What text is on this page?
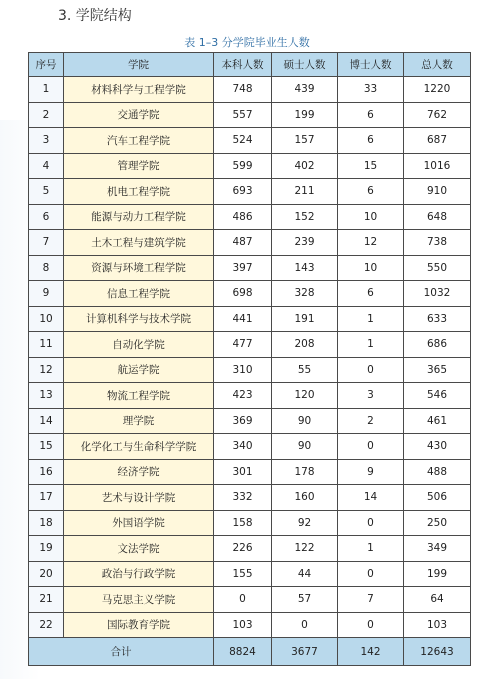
3. 学院结构
表 1–3 分学院毕业生人数
序号	学院	本科人数	硕士人数	博士人数	总人数
1	材料科学与工程学院	748	439	33	1220
2	交通学院	557	199	6	762
3	汽车工程学院	524	157	6	687
4	管理学院	599	402	15	1016
5	机电工程学院	693	211	6	910
6	能源与动力工程学院	486	152	10	648
7	土木工程与建筑学院	487	239	12	738
8	资源与环境工程学院	397	143	10	550
9	信息工程学院	698	328	6	1032
10	计算机科学与技术学院	441	191	1	633
11	自动化学院	477	208	1	686
12	航运学院	310	55	0	365
13	物流工程学院	423	120	3	546
14	理学院	369	90	2	461
15	化学化工与生命科学学院	340	90	0	430
16	经济学院	301	178	9	488
17	艺术与设计学院	332	160	14	506
18	外国语学院	158	92	0	250
19	文法学院	226	122	1	349
20	政治与行政学院	155	44	0	199
21	马克思主义学院	0	57	7	64
22	国际教育学院	103	0	0	103
合计		8824	3677	142	12643
